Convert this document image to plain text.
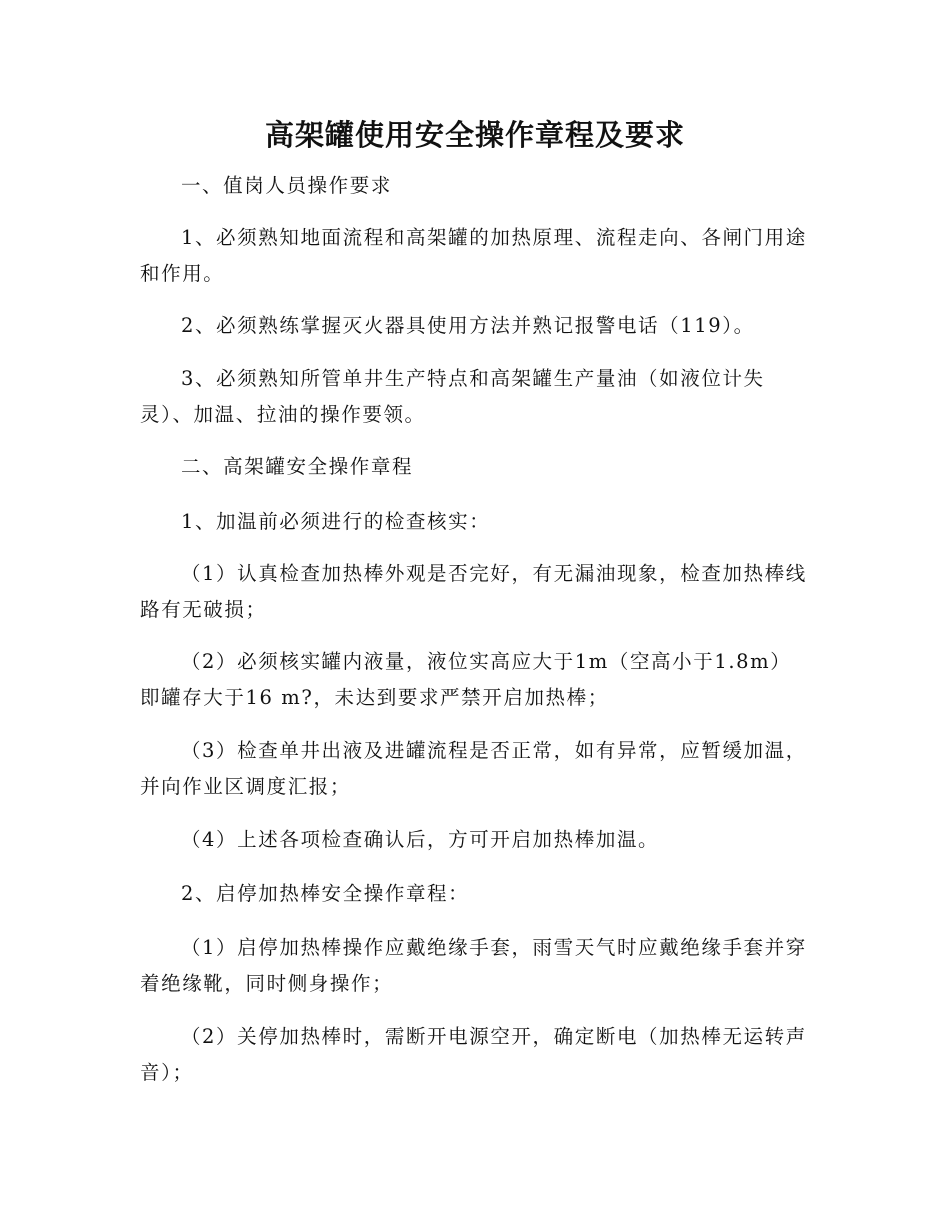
高架罐使用安全操作章程及要求

一、值岗人员操作要求

1、必须熟知地面流程和高架罐的加热原理、流程走向、各闸门用途和作用。

2、必须熟练掌握灭火器具使用方法并熟记报警电话（119）。

3、必须熟知所管单井生产特点和高架罐生产量油（如液位计失灵）、加温、拉油的操作要领。

二、高架罐安全操作章程

1、加温前必须进行的检查核实：

（1）认真检查加热棒外观是否完好，有无漏油现象，检查加热棒线路有无破损；

（2）必须核实罐内液量，液位实高应大于1m（空高小于1.8m）即罐存大于16 m?，未达到要求严禁开启加热棒；

（3）检查单井出液及进罐流程是否正常，如有异常，应暂缓加温，并向作业区调度汇报；

（4）上述各项检查确认后，方可开启加热棒加温。

2、启停加热棒安全操作章程：

（1）启停加热棒操作应戴绝缘手套，雨雪天气时应戴绝缘手套并穿着绝缘靴，同时侧身操作；

（2）关停加热棒时，需断开电源空开，确定断电（加热棒无运转声音）；
